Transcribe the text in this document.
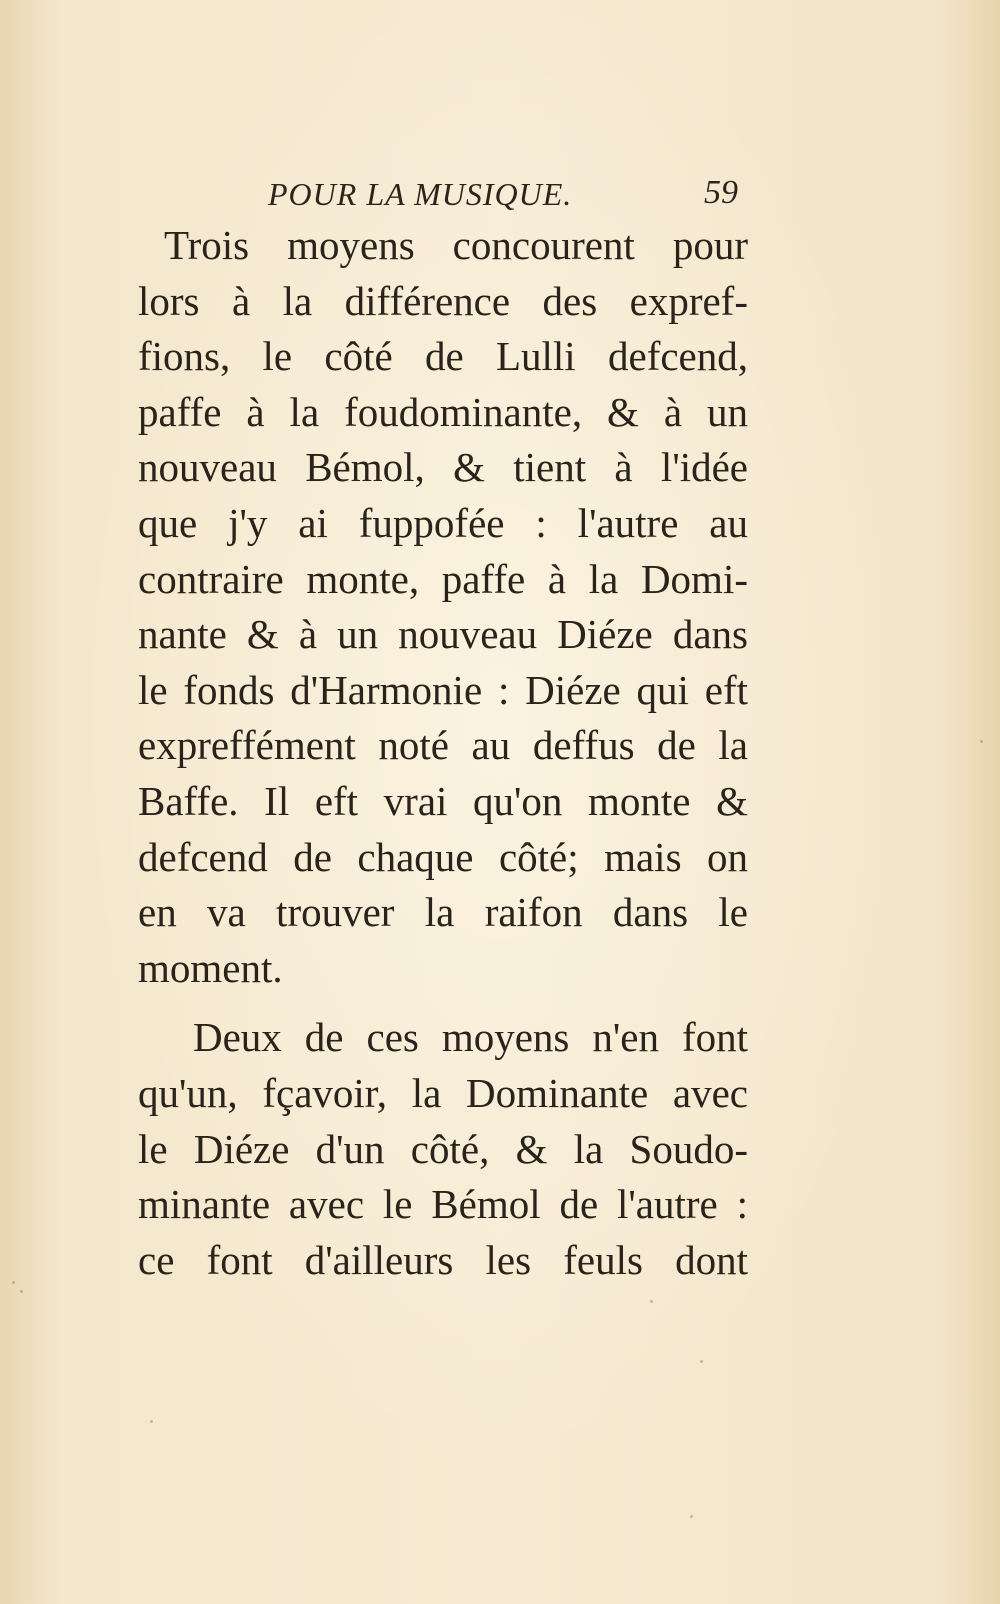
POUR LA MUSIQUE.	59
Trois moyens concourent pour
lors à la différence des expref-
fions, le côté de Lulli defcend,
paffe à la foudominante, & à un
nouveau Bémol, & tient à l'idée
que j'y ai fuppofée : l'autre au
contraire monte, paffe à la Domi-
nante & à un nouveau Diéze dans
le fonds d'Harmonie : Diéze qui eft
expreffément noté au deffus de la
Baffe. Il eft vrai qu'on monte &
defcend de chaque côté; mais on
en va trouver la raifon dans le
moment.
Deux de ces moyens n'en font
qu'un, fçavoir, la Dominante avec
le Diéze d'un côté, & la Soudo-
minante avec le Bémol de l'autre :
ce font d'ailleurs les feuls dont
